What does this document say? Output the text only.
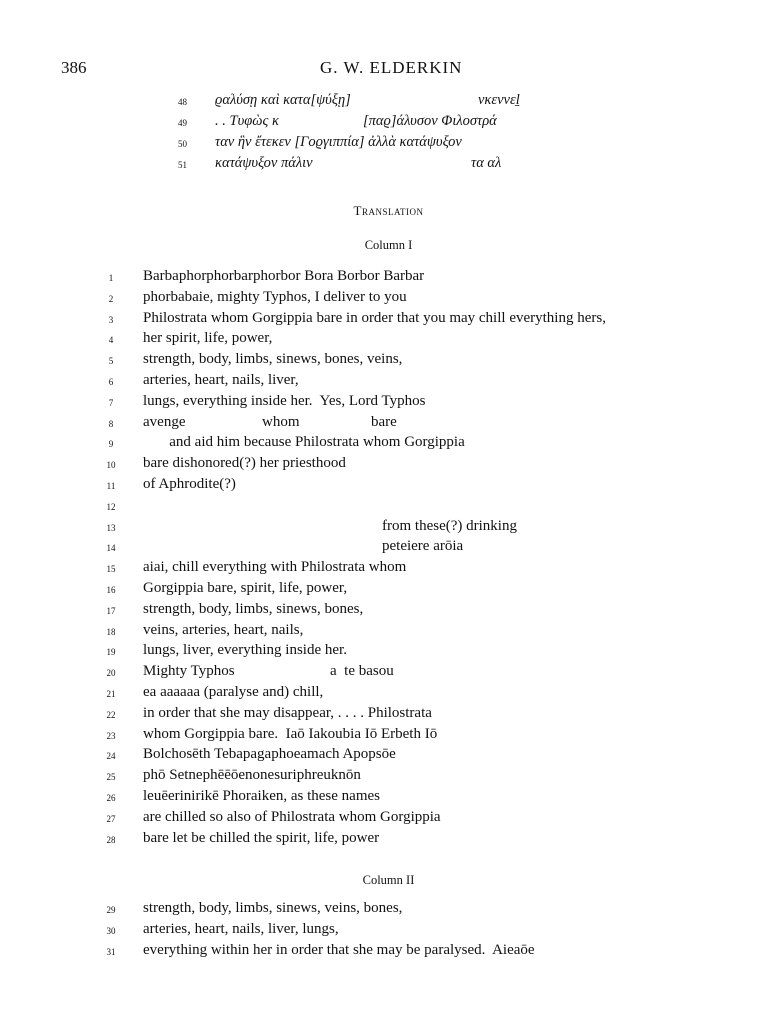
386	G. W. ELDERKIN
48 ϱαλύσῃ καὶ κατα[ψύξῃ]	νκεννεḻ
49 . . Τυφὼς κ	[παϱ]άλυσον Φιλοστρά
50 ταν ἣν ἔτεκεν [Γοϱγιππία] ἀλλὰ κατάψυξον
51 κατάψυξον πάλιν	τα αλ
Translation
Column I
1	Barbaphorphorbarphorbor Bora Borbor Barbar
2	phorbabaie, mighty Typhos, I deliver to you
3	Philostrata whom Gorgippia bare in order that you may chill everything hers,
4	her spirit, life, power,
5	strength, body, limbs, sinews, bones, veins,
6	arteries, heart, nails, liver,
7	lungs, everything inside her.  Yes, Lord Typhos
8	avenge	whom	bare
9	and aid him because Philostrata whom Gorgippia
10 bare dishonored(?) her priesthood
11 of Aphrodite(?)
12
13	from these(?) drinking
14	peteiere arōia
15 aiai, chill everything with Philostrata whom
16 Gorgippia bare, spirit, life, power,
17 strength, body, limbs, sinews, bones,
18 veins, arteries, heart, nails,
19 lungs, liver, everything inside her.
20 Mighty Typhos	a  te basou
21 ea aaaaaa (paralyse and) chill,
22 in order that she may disappear, . . . . Philostrata
23 whom Gorgippia bare.  Iaō Iakoubia Iō Erbeth Iō
24 Bolchosēth Tebapagaphoeamach Apopsōe
25 phō Setnephēēōenonesuriphreuknōn
26 leuēerinirikē Phoraiken, as these names
27 are chilled so also of Philostrata whom Gorgippia
28 bare let be chilled the spirit, life, power
Column II
29 strength, body, limbs, sinews, veins, bones,
30 arteries, heart, nails, liver, lungs,
31 everything within her in order that she may be paralysed.  Aieaōe
